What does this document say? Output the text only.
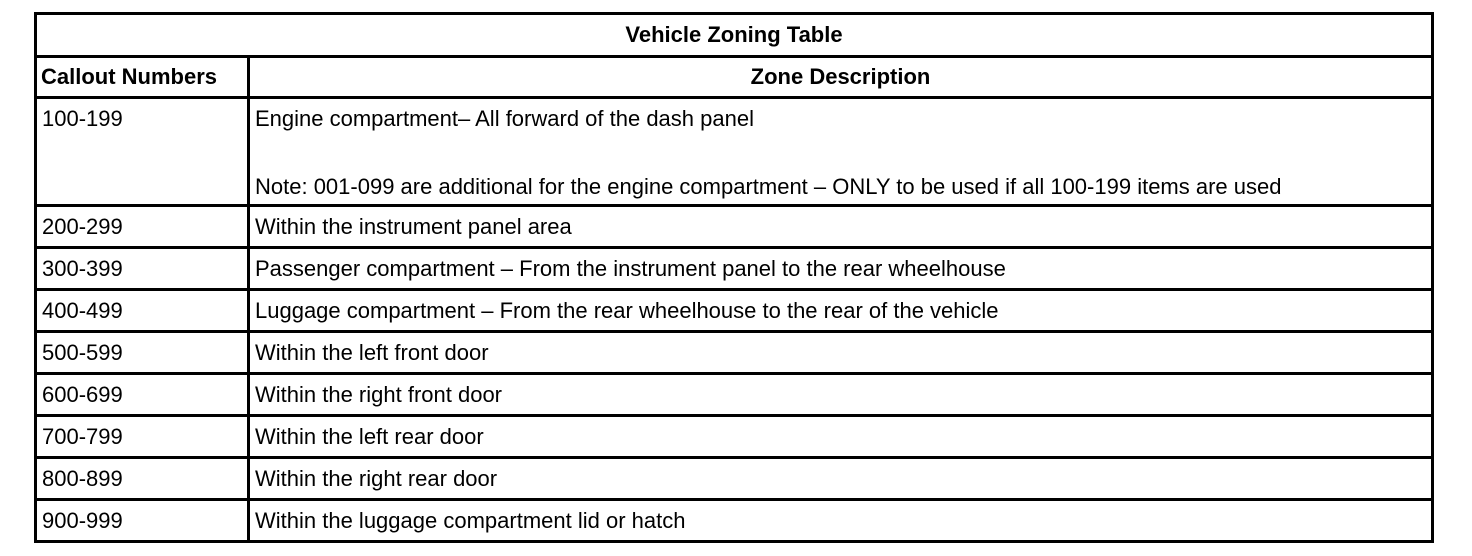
Vehicle Zoning Table	
Callout Numbers	Zone Description
100-199	Engine compartment– All forward of the dash panel
Note: 001-099 are additional for the engine compartment – ONLY to be used if all 100-199 items are used

200-299	Within the instrument panel area
300-399	Passenger compartment – From the instrument panel to the rear wheelhouse
400-499	Luggage compartment – From the rear wheelhouse to the rear of the vehicle
500-599	Within the left front door
600-699	Within the right front door
700-799	Within the left rear door
800-899	Within the right rear door
900-999	Within the luggage compartment lid or hatch
